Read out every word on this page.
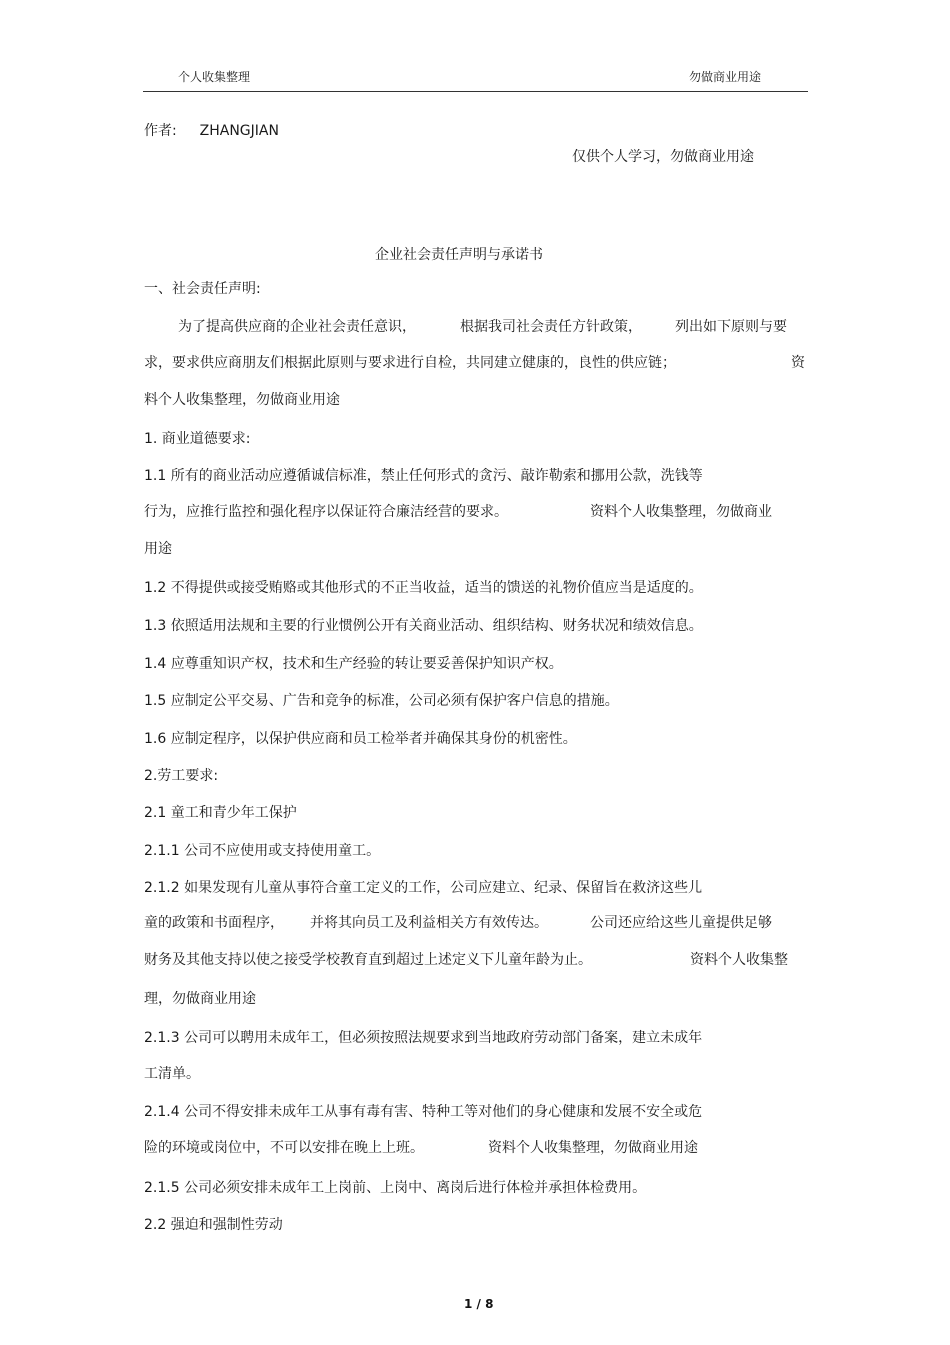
个人收集整理	勿做商业用途
作者: ZHANGJIAN
仅供个人学习，勿做商业用途
企业社会责任声明与承诺书
一、社会责任声明:
为了提高供应商的企业社会责任意识，	根据我司社会责任方针政策， 列出如下原则与要
求，要求供应商朋友们根据此原则与要求进行自检，共同建立健康的，良性的供应链；	资
料个人收集整理，勿做商业用途
1. 商业道德要求:
1.1 所有的商业活动应遵循诚信标准，禁止任何形式的贪污、敲诈勒索和挪用公款，洗钱等
行为，应推行监控和强化程序以保证符合廉洁经营的要求。	资料个人收集整理，勿做商业
用途
1.2 不得提供或接受贿赂或其他形式的不正当收益，适当的馈送的礼物价值应当是适度的。
1.3 依照适用法规和主要的行业惯例公开有关商业活动、组织结构、财务状况和绩效信息。
1.4 应尊重知识产权，技术和生产经验的转让要妥善保护知识产权。
1.5 应制定公平交易、广告和竞争的标准，公司必须有保护客户信息的措施。
1.6 应制定程序，以保护供应商和员工检举者并确保其身份的机密性。
2.劳工要求:
2.1 童工和青少年工保护
2.1.1 公司不应使用或支持使用童工。
2.1.2 如果发现有儿童从事符合童工定义的工作，公司应建立、纪录、保留旨在救济这些儿
童的政策和书面程序， 并将其向员工及利益相关方有效传达。	公司还应给这些儿童提供足够
财务及其他支持以使之接受学校教育直到超过上述定义下儿童年龄为止。	资料个人收集整
理，勿做商业用途
2.1.3 公司可以聘用未成年工，但必须按照法规要求到当地政府劳动部门备案，建立未成年
工清单。
2.1.4 公司不得安排未成年工从事有毒有害、特种工等对他们的身心健康和发展不安全或危
险的环境或岗位中，不可以安排在晚上上班。	资料个人收集整理，勿做商业用途
2.1.5 公司必须安排未成年工上岗前、上岗中、离岗后进行体检并承担体检费用。
2.2 强迫和强制性劳动
1 / 8
